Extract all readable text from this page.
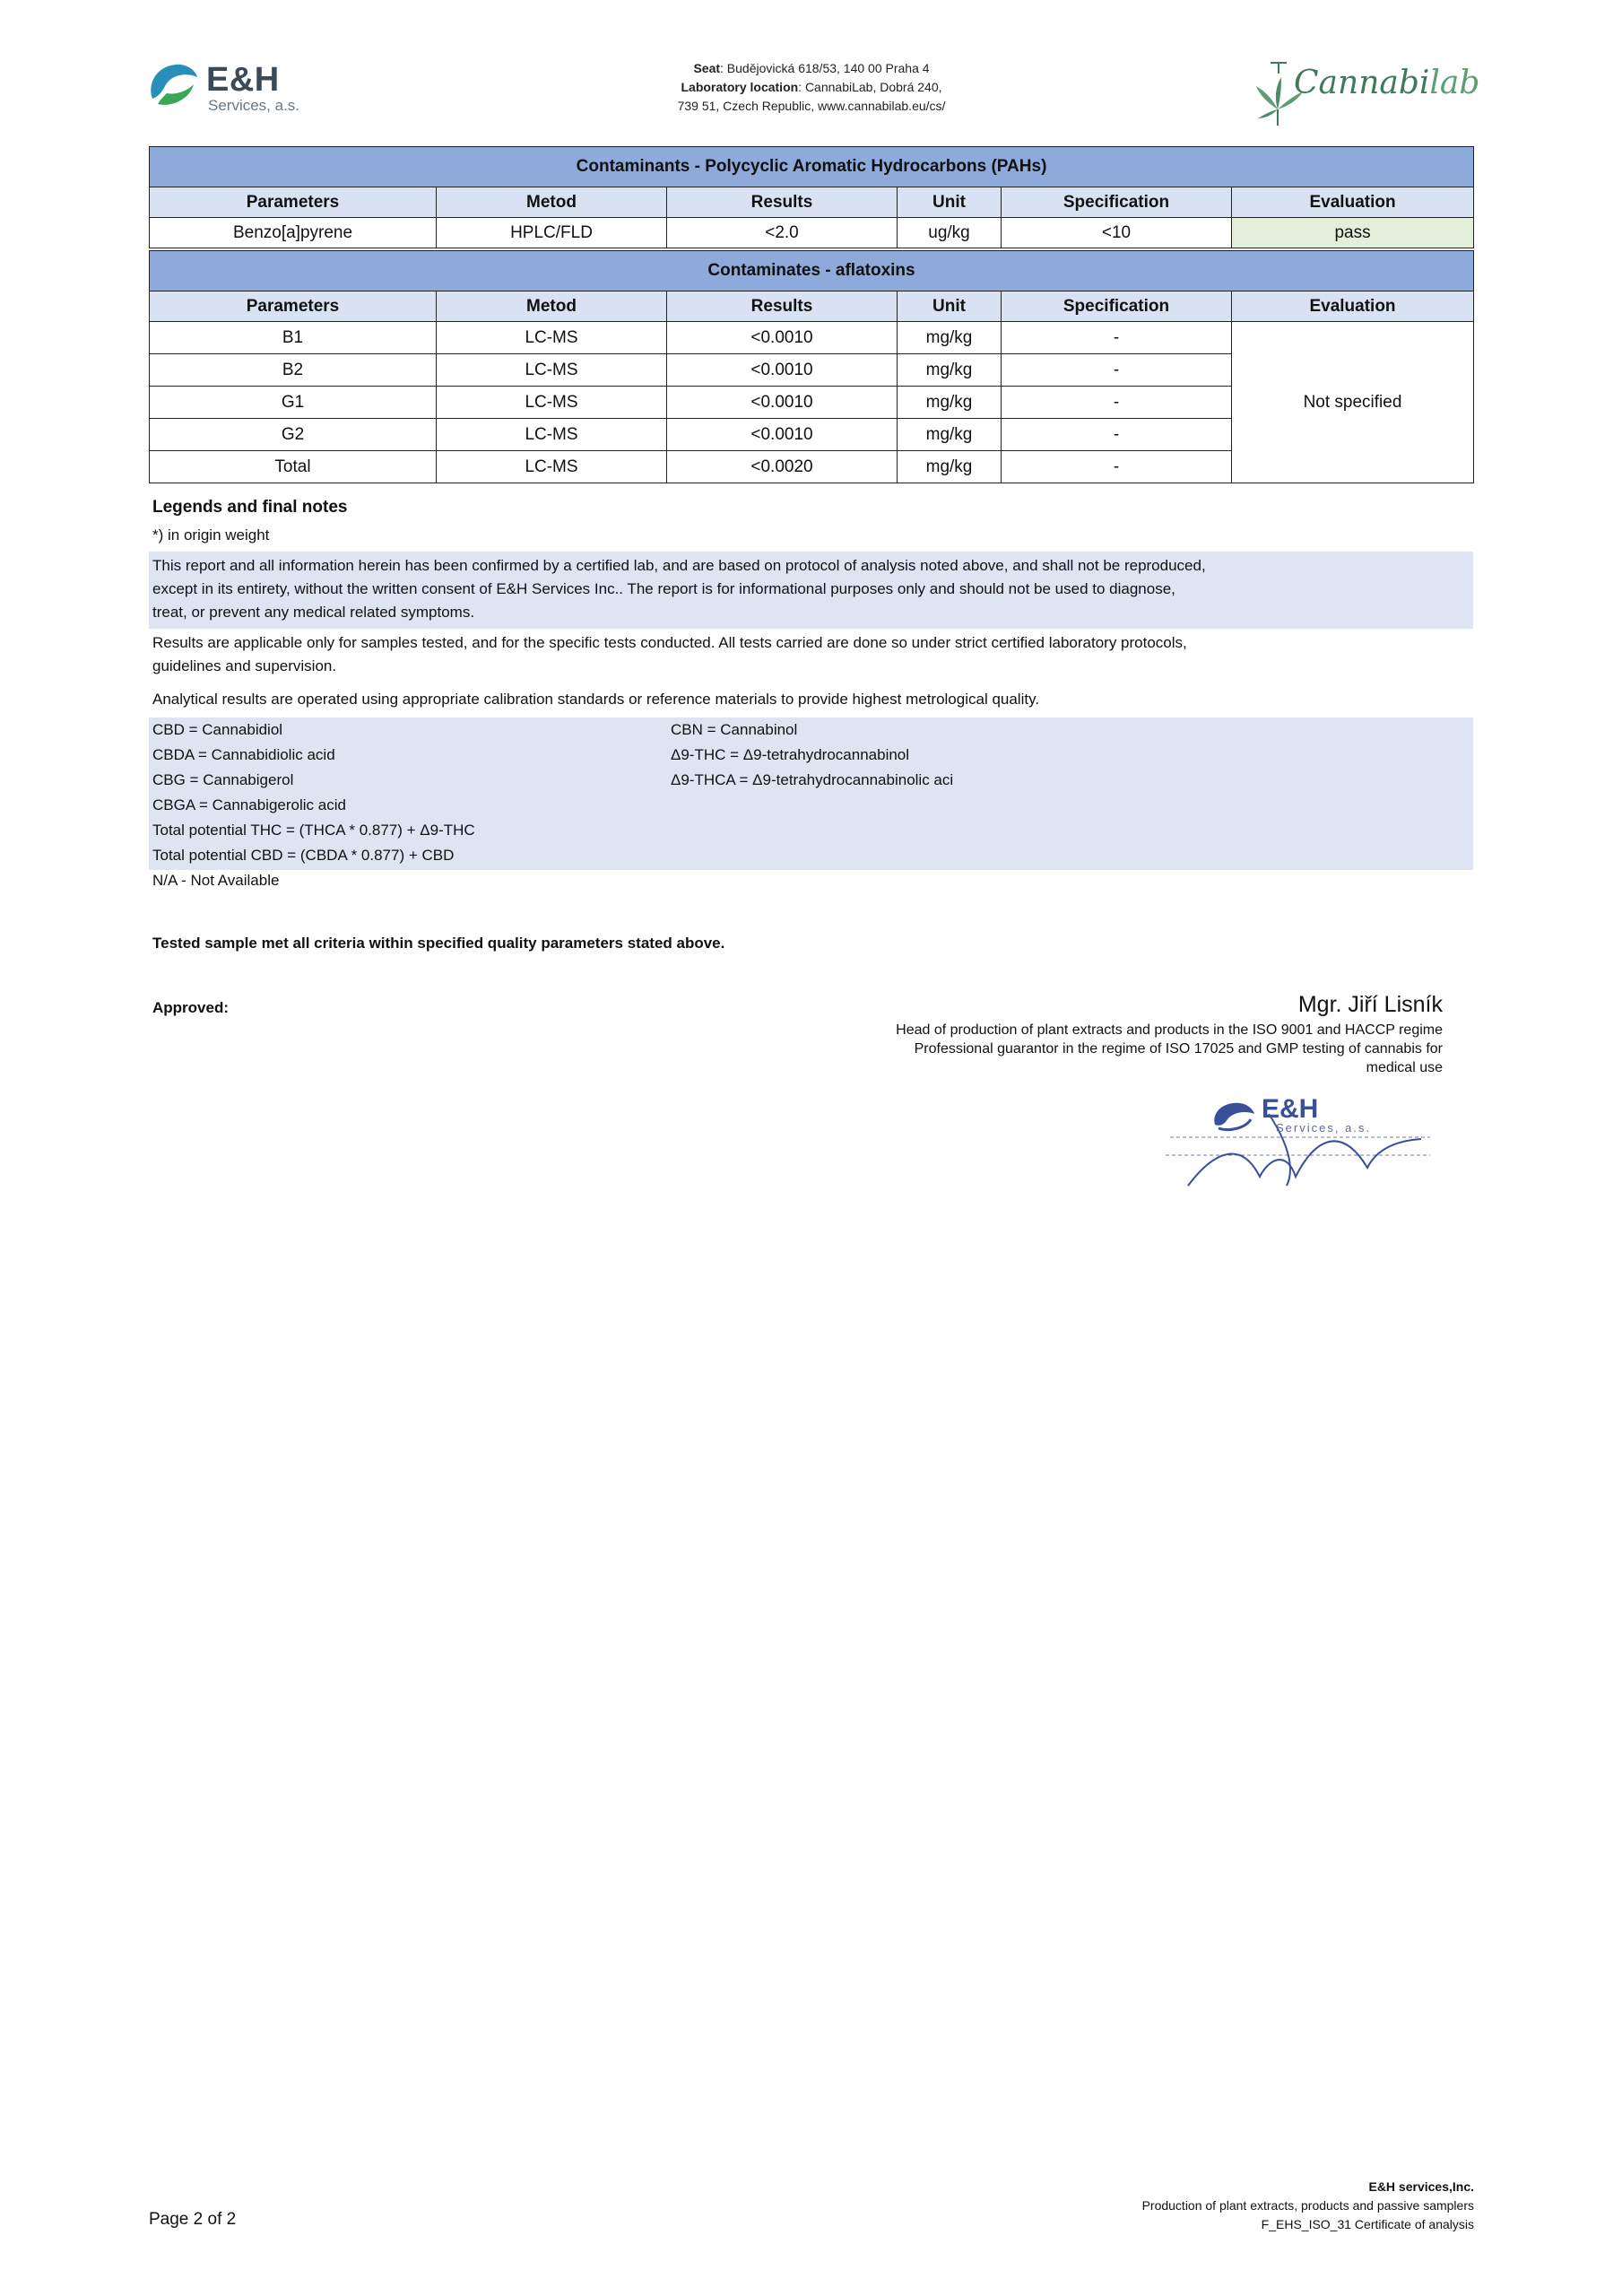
E&H
Services, a.s.
Seat: Budějovická 618/53, 140 00 Praha 4
Laboratory location: CannabiLab, Dobrá 240,
739 51, Czech Republic, www.cannabilab.eu/cs/
Cannabilab
Contaminants - Polycyclic Aromatic Hydrocarbons (PAHs)					
Parameters	Metod	Results	Unit	Specification	Evaluation
Benzo[a]pyrene	HPLC/FLD	<2.0	ug/kg	<10	pass
Contaminates - aflatoxins					
Parameters	Metod	Results	Unit	Specification	Evaluation
B1	LC-MS	<0.0010	mg/kg	-	Not specified
B2	LC-MS	<0.0010	mg/kg	-	
G1	LC-MS	<0.0010	mg/kg	-	
G2	LC-MS	<0.0010	mg/kg	-	
Total	LC-MS	<0.0020	mg/kg	-	
Legends and final notes
*) in origin weight
This report and all information herein has been confirmed by a certified lab, and are based on protocol of analysis noted above, and shall not be reproduced,
except in its entirety, without the written consent of E&H Services Inc.. The report is for informational purposes only and should not be used to diagnose,
treat, or prevent any medical related symptoms.
Results are applicable only for samples tested, and for the specific tests conducted. All tests carried are done so under strict certified laboratory protocols,
guidelines and supervision.
Analytical results are operated using appropriate calibration standards or reference materials to provide highest metrological quality.
CBD = Cannabidiol
CBDA = Cannabidiolic acid
CBG = Cannabigerol
CBGA = Cannabigerolic acid
Total potential THC = (THCA * 0.877) + Δ9-THC
Total potential CBD = (CBDA * 0.877) + CBD
N/A - Not Available
CBN = Cannabinol
Δ9-THC = Δ9-tetrahydrocannabinol
Δ9-THCA = Δ9-tetrahydrocannabinolic aci
Tested sample met all criteria within specified quality parameters stated above.
Approved:	Mgr. Jiří Lisník
Head of production of plant extracts and products in the ISO 9001 and HACCP regime
Professional guarantor in the regime of ISO 17025 and GMP testing of cannabis for
medical use
E&H
Services, a.s.
Page 2 of 2
E&H services,Inc.
Production of plant extracts, products and passive samplers
F_EHS_ISO_31 Certificate of analysis
